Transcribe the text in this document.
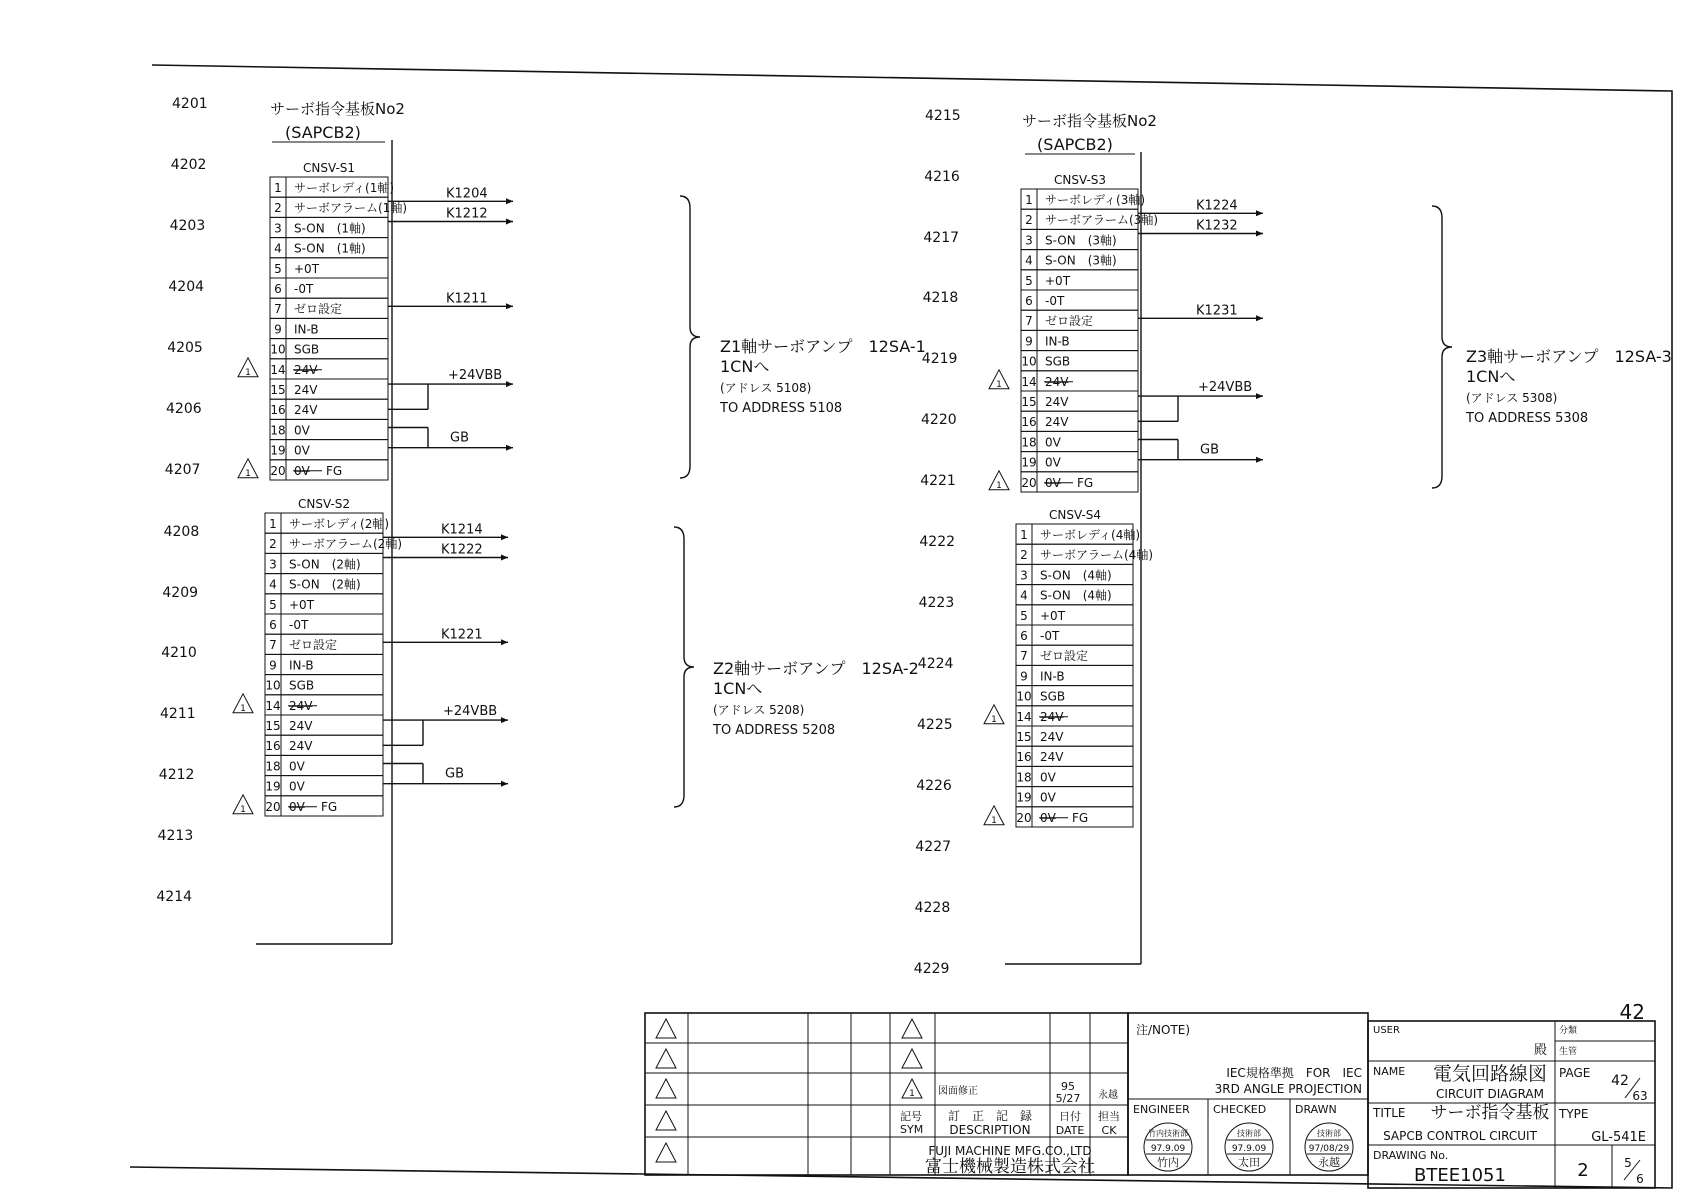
4201
4202
4203
4204
4205
4206
4207
4208
4209
4210
4211
4212
4213
4214
4215
4216
4217
4218
4219
4220
4221
4222
4223
4224
4225
4226
4227
4228
4229
サーボ指令基板No2
(SAPCB2)
サーボ指令基板No2
(SAPCB2)
CNSV-S1
1 サーボレディ(1軸)
2 サーボアラーム(1軸)
3 S-ON　(1軸)
4 S-ON　(1軸)
5 +0T
6 -0T
7 ゼロ設定
9 IN-B
10 SGB
14 24V
1
15 24V
16 24V
18 0V
19 0V
20 0V FG
1
CNSV-S2
1 サーボレディ(2軸)
2 サーボアラーム(2軸)
3 S-ON　(2軸)
4 S-ON　(2軸)
5 +0T
6 -0T
7 ゼロ設定
9 IN-B
10 SGB
14 24V
1
15 24V
16 24V
18 0V
19 0V
20 0V FG
1
CNSV-S3
1 サーボレディ(3軸)
2 サーボアラーム(3軸)
3 S-ON　(3軸)
4 S-ON　(3軸)
5 +0T
6 -0T
7 ゼロ設定
9 IN-B
10 SGB
14 24V
1
15 24V
16 24V
18 0V
19 0V
20 0V FG
1
CNSV-S4
1 サーボレディ(4軸)
2 サーボアラーム(4軸)
3 S-ON　(4軸)
4 S-ON　(4軸)
5 +0T
6 -0T
7 ゼロ設定
9 IN-B
10 SGB
14 24V
1
15 24V
16 24V
18 0V
19 0V
20 0V FG
1
K1204
K1212
K1211
+24VBB
GB
K1214
K1222
K1221
+24VBB
GB
K1224
K1232
K1231
+24VBB
GB
Z1軸サーボアンプ　12SA-1
1CNへ
(アドレス 5108)
TO ADDRESS 5108
Z2軸サーボアンプ　12SA-2
1CNへ
(アドレス 5208)
TO ADDRESS 5208
Z3軸サーボアンプ　12SA-3
1CNへ
(アドレス 5308)
TO ADDRESS 5308
42
1 図面修正	95
5/27 永越
記号
SYM
訂　正　記　録
DESCRIPTION
日付
DATE
担当
CK
FUJI MACHINE MFG.CO.,LTD
富士機械製造株式会社
注/NOTE)
IEC規格準拠　FOR　IEC
3RD ANGLE PROJECTION
ENGINEER CHECKED	DRAWN
竹内技術部
97.9.09
竹内
技術部
97.9.09
太田
技術部
97/08/29
永越
USER
殿
分類
生管
NAME 電気回路線図
CIRCUIT DIAGRAM
PAGE 42
63
TITLE サーボ指令基板
SAPCB CONTROL CIRCUIT
TYPE
GL-541E
DRAWING No.
BTEE1051	2	5
6
